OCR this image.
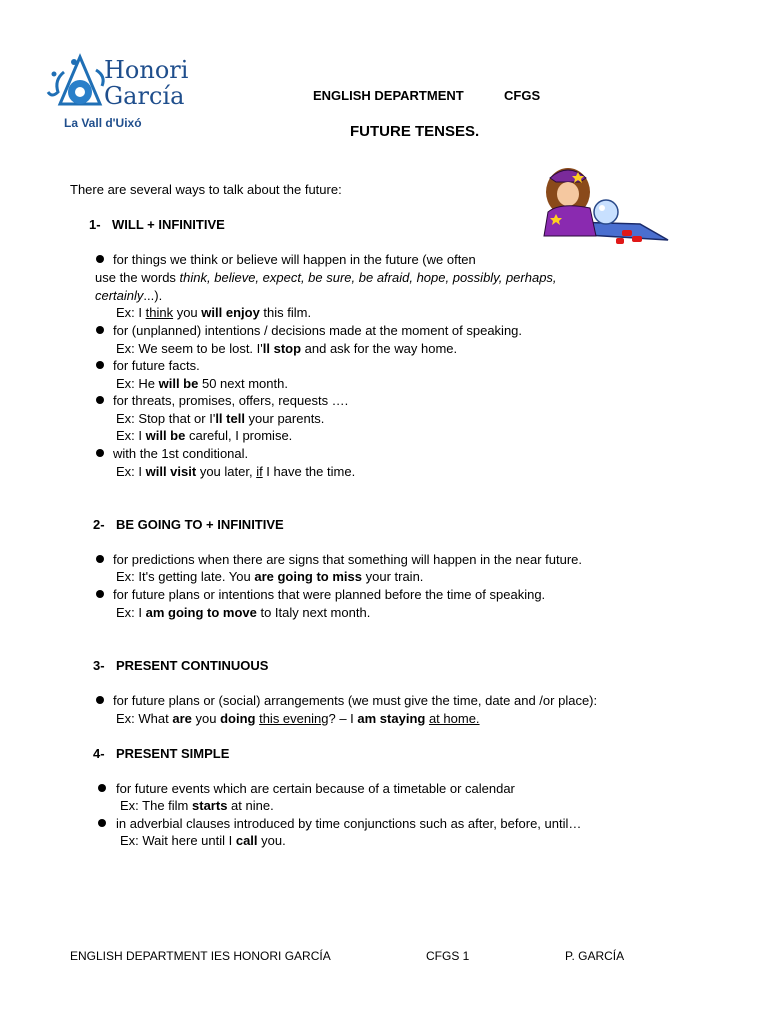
Honori
García
La Vall d'Uixó
ENGLISH DEPARTMENT	CFGS
FUTURE TENSES.
There are several ways to talk about the future:
1- WILL + INFINITIVE
for things we think or believe will happen in the future (we often
use the words think, believe, expect, be sure, be afraid, hope, possibly, perhaps,
certainly...).
Ex: I think you will enjoy this film.
for (unplanned) intentions / decisions made at the moment of speaking.
Ex: We seem to be lost. I'll stop and ask for the way home.
for future facts.
Ex: He will be 50 next month.
for threats, promises, offers, requests ….
Ex: Stop that or I'll tell your parents.
Ex: I will be careful, I promise.
with the 1st conditional.
Ex: I will visit you later, if I have the time.
2- BE GOING TO + INFINITIVE
for predictions when there are signs that something will happen in the near future.
Ex: It's getting late. You are going to miss your train.
for future plans or intentions that were planned before the time of speaking.
Ex: I am going to move to Italy next month.
3- PRESENT CONTINUOUS
for future plans or (social) arrangements (we must give the time, date and /or place):
Ex: What are you doing this evening? – I am staying at home.
4- PRESENT SIMPLE
for future events which are certain because of a timetable or calendar
Ex: The film starts at nine.
in adverbial clauses introduced by time conjunctions such as after, before, until…
Ex: Wait here until I call you.
ENGLISH DEPARTMENT IES HONORI GARCÍA	CFGS 1	P. GARCÍA
